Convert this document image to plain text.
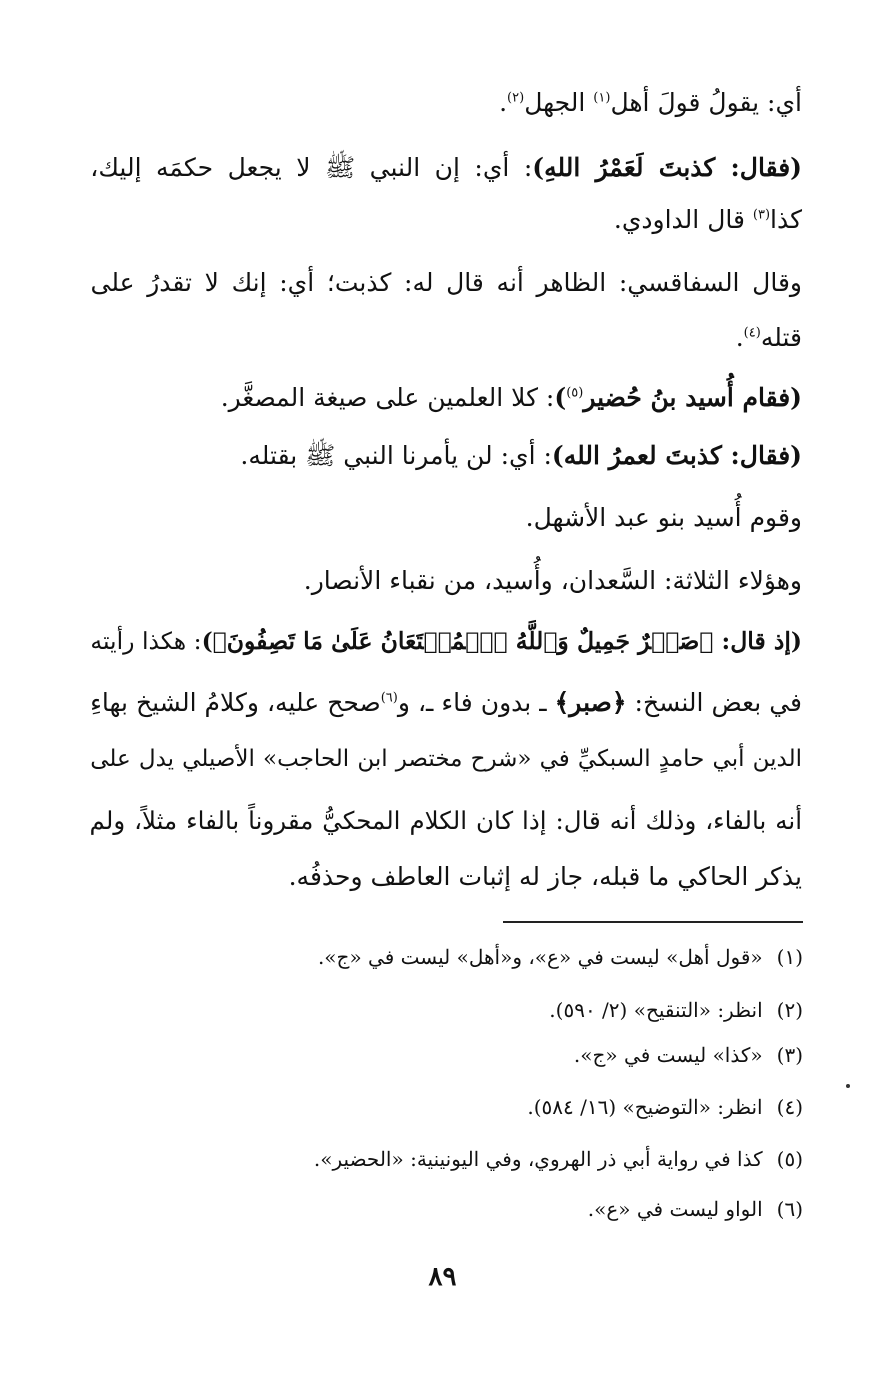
أي: يقولُ قولَ أهل$^{(١)}$ الجهل$^{(٢)}$.
(فقال: كذبتَ لَعَمْرُ اللهِ): أي: إن النبي ﷺ لا يجعل حكمَه إليك،
كذا$^{(٣)}$ قال الداودي.
وقال السفاقسي: الظاهر أنه قال له: كذبت؛ أي: إنك لا تقدرُ على
قتله$^{(٤)}$.
(فقام أُسيد بنُ حُضير$^{(٥)}$): كلا العلمين على صيغة المصغَّر.
(فقال: كذبتَ لعمرُ الله): أي: لن يأمرنا النبي ﷺ بقتله.
وقوم أُسيد بنو عبد الأشهل.
وهؤلاء الثلاثة: السَّعدان، وأُسيد، من نقباء الأنصار.
(إذ قال: ﴿صَبۡرٌ جَمِيلٌ وَٱللَّهُ ٱلۡمُسۡتَعَانُ عَلَىٰ مَا تَصِفُونَ﴾): هكذا رأيته
في بعض النسخ: ﴿صبر﴾ ـ بدون فاء ـ، و$^{(٦)}$صحح عليه، وكلامُ الشيخ بهاءِ
الدين أبي حامدٍ السبكيِّ في «شرح مختصر ابن الحاجب» الأصيلي يدل على
أنه بالفاء، وذلك أنه قال: إذا كان الكلام المحكيُّ مقروناً بالفاء مثلاً، ولم
يذكر الحاكي ما قبله، جاز له إثبات العاطف وحذفُه.
(١)«قول أهل» ليست في «ع»، و«أهل» ليست في «ج».
(٢)انظر: «التنقيح» (٢/ ٥٩٠).
(٣)«كذا» ليست في «ج».
(٤)انظر: «التوضيح» (١٦/ ٥٨٤).
(٥)كذا في رواية أبي ذر الهروي، وفي اليونينية: «الحضير».
(٦)الواو ليست في «ع».
٨٩
